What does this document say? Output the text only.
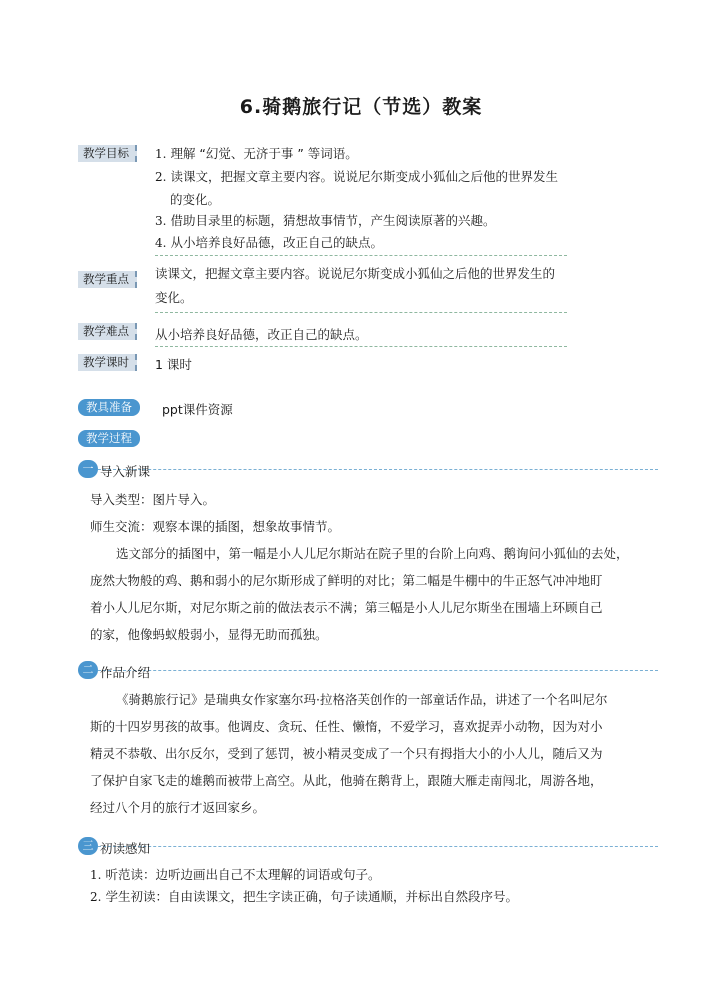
6.骑鹅旅行记（节选）教案
教学目标	1. 理解 “幻觉、无济于事 ” 等词语。
2. 读课文，把握文章主要内容。说说尼尔斯变成小狐仙之后他的世界发生
的变化。
3. 借助目录里的标题，猜想故事情节，产生阅读原著的兴趣。
4. 从小培养良好品德，改正自己的缺点。
教学重点	读课文，把握文章主要内容。说说尼尔斯变成小狐仙之后他的世界发生的
变化。
教学难点	从小培养良好品德，改正自己的缺点。
教学课时	1 课时
教具准备	ppt课件资源
教学过程
一 导入新课
导入类型：图片导入。
师生交流：观察本课的插图，想象故事情节。
选文部分的插图中，第一幅是小人儿尼尔斯站在院子里的台阶上向鸡、鹅询问小狐仙的去处，
庞然大物般的鸡、鹅和弱小的尼尔斯形成了鲜明的对比；第二幅是牛棚中的牛正怒气冲冲地盯
着小人儿尼尔斯，对尼尔斯之前的做法表示不满；第三幅是小人儿尼尔斯坐在围墙上环顾自己
的家，他像蚂蚁般弱小，显得无助而孤独。
二 作品介绍
《骑鹅旅行记》是瑞典女作家塞尔玛·拉格洛芙创作的一部童话作品，讲述了一个名叫尼尔
斯的十四岁男孩的故事。他调皮、贪玩、任性、懒惰，不爱学习，喜欢捉弄小动物，因为对小
精灵不恭敬、出尔反尔，受到了惩罚，被小精灵变成了一个只有拇指大小的小人儿，随后又为
了保护自家飞走的雄鹅而被带上高空。从此，他骑在鹅背上，跟随大雁走南闯北，周游各地，
经过八个月的旅行才返回家乡。
三 初读感知
1. 听范读：边听边画出自己不太理解的词语或句子。
2. 学生初读：自由读课文，把生字读正确，句子读通顺，并标出自然段序号。
